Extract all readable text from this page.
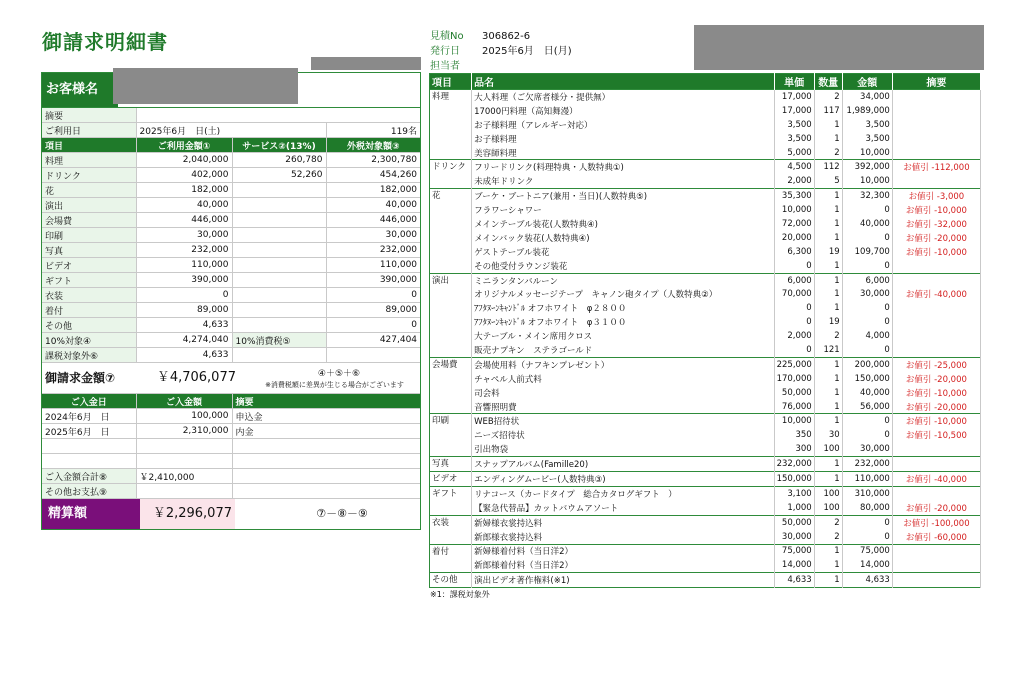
御請求明細書
お客様名
摘要			
ご利用日	2025年6月　日(土)		119名
項目	ご利用金額①	サービス②(13%)	外税対象額③
料理	2,040,000	260,780	2,300,780
ドリンク	402,000	52,260	454,260
花	182,000		182,000
演出	40,000		40,000
会場費	446,000		446,000
印刷	30,000		30,000
写真	232,000		232,000
ビデオ	110,000		110,000
ギフト	390,000		390,000
衣装	0		0
着付	89,000		89,000
その他	4,633		0
10%対象④	4,274,040	10%消費税⑤	427,404
課税対象外⑥	4,633		
御請求金額⑦	￥4,706,077	④＋⑤＋⑥
※消費税額に差異が生じる場合がございます
ご入金日	ご入金額	摘要
2024年6月　日	100,000	申込金
2025年6月　日	2,310,000	内金

ご入金額合計⑧	￥2,410,000	
その他お支払⑨		
精算額	￥2,296,077	⑦－⑧－⑨
見積No 306862-6
発行日 2025年6月　日(月)
担当者
項目	品名	単価	数量	金額	摘要
料理	大人料理（ご欠席者様分・提供無）	17,000	2	34,000	
	17000円料理（高知舞漫）	17,000	117	1,989,000	
	お子様料理（アレルギー対応）	3,500	1	3,500	
	お子様料理	3,500	1	3,500	
	美容師料理	5,000	2	10,000	
ドリンク	フリードリンク(料理特典・人数特典①)	4,500	112	392,000	お値引 -112,000
	未成年ドリンク	2,000	5	10,000	
花	ブーケ・ブートニア(兼用・当日)(人数特典⑤)	35,300	1	32,300	お値引 -3,000
	フラワーシャワー	10,000	1	0	お値引 -10,000
	メインテーブル装花(人数特典④)	72,000	1	40,000	お値引 -32,000
	メインバック装花(人数特典④)	20,000	1	0	お値引 -20,000
	ゲストテーブル装花	6,300	19	109,700	お値引 -10,000
	その他受付ラウンジ装花	0	1	0	
演出	ミニランタンバルーン	6,000	1	6,000	
	オリジナルメッセージテープ　キャノン砲タイプ（人数特典②）	70,000	1	30,000	お値引 -40,000
	ｱﾌﾀﾇｰﾝｷｬﾝﾄﾞﾙ オフホワイト　φ２８００	0	1	0	
	ｱﾌﾀﾇｰﾝｷｬﾝﾄﾞﾙ オフホワイト　φ３１００	0	19	0	
	大テーブル・メイン席用クロス	2,000	2	4,000	
	販売ナプキン　ステラゴールド	0	121	0	
会場費	会場使用料（ナフキンプレゼント）	225,000	1	200,000	お値引 -25,000
	チャペル人前式料	170,000	1	150,000	お値引 -20,000
	司会料	50,000	1	40,000	お値引 -10,000
	音響照明費	76,000	1	56,000	お値引 -20,000
印刷	WEB招待状	10,000	1	0	お値引 -10,000
	ニーズ招待状	350	30	0	お値引 -10,500
	引出物袋	300	100	30,000	
写真	スナップアルバム(Famille20)	232,000	1	232,000	
ビデオ	エンディングムービー(人数特典③)	150,000	1	110,000	お値引 -40,000
ギフト	リナコース（カードタイプ　総合カタログギフト　）	3,100	100	310,000	
	【緊急代替品】カットバウムアソート	1,000	100	80,000	お値引 -20,000
衣装	新婦様衣裳持込料	50,000	2	0	お値引 -100,000
	新郎様衣裳持込料	30,000	2	0	お値引 -60,000
着付	新婦様着付料（当日洋2）	75,000	1	75,000	
	新郎様着付料（当日洋2）	14,000	1	14,000	
その他	演出ビデオ著作権料(※1)	4,633	1	4,633	
※1：課税対象外
